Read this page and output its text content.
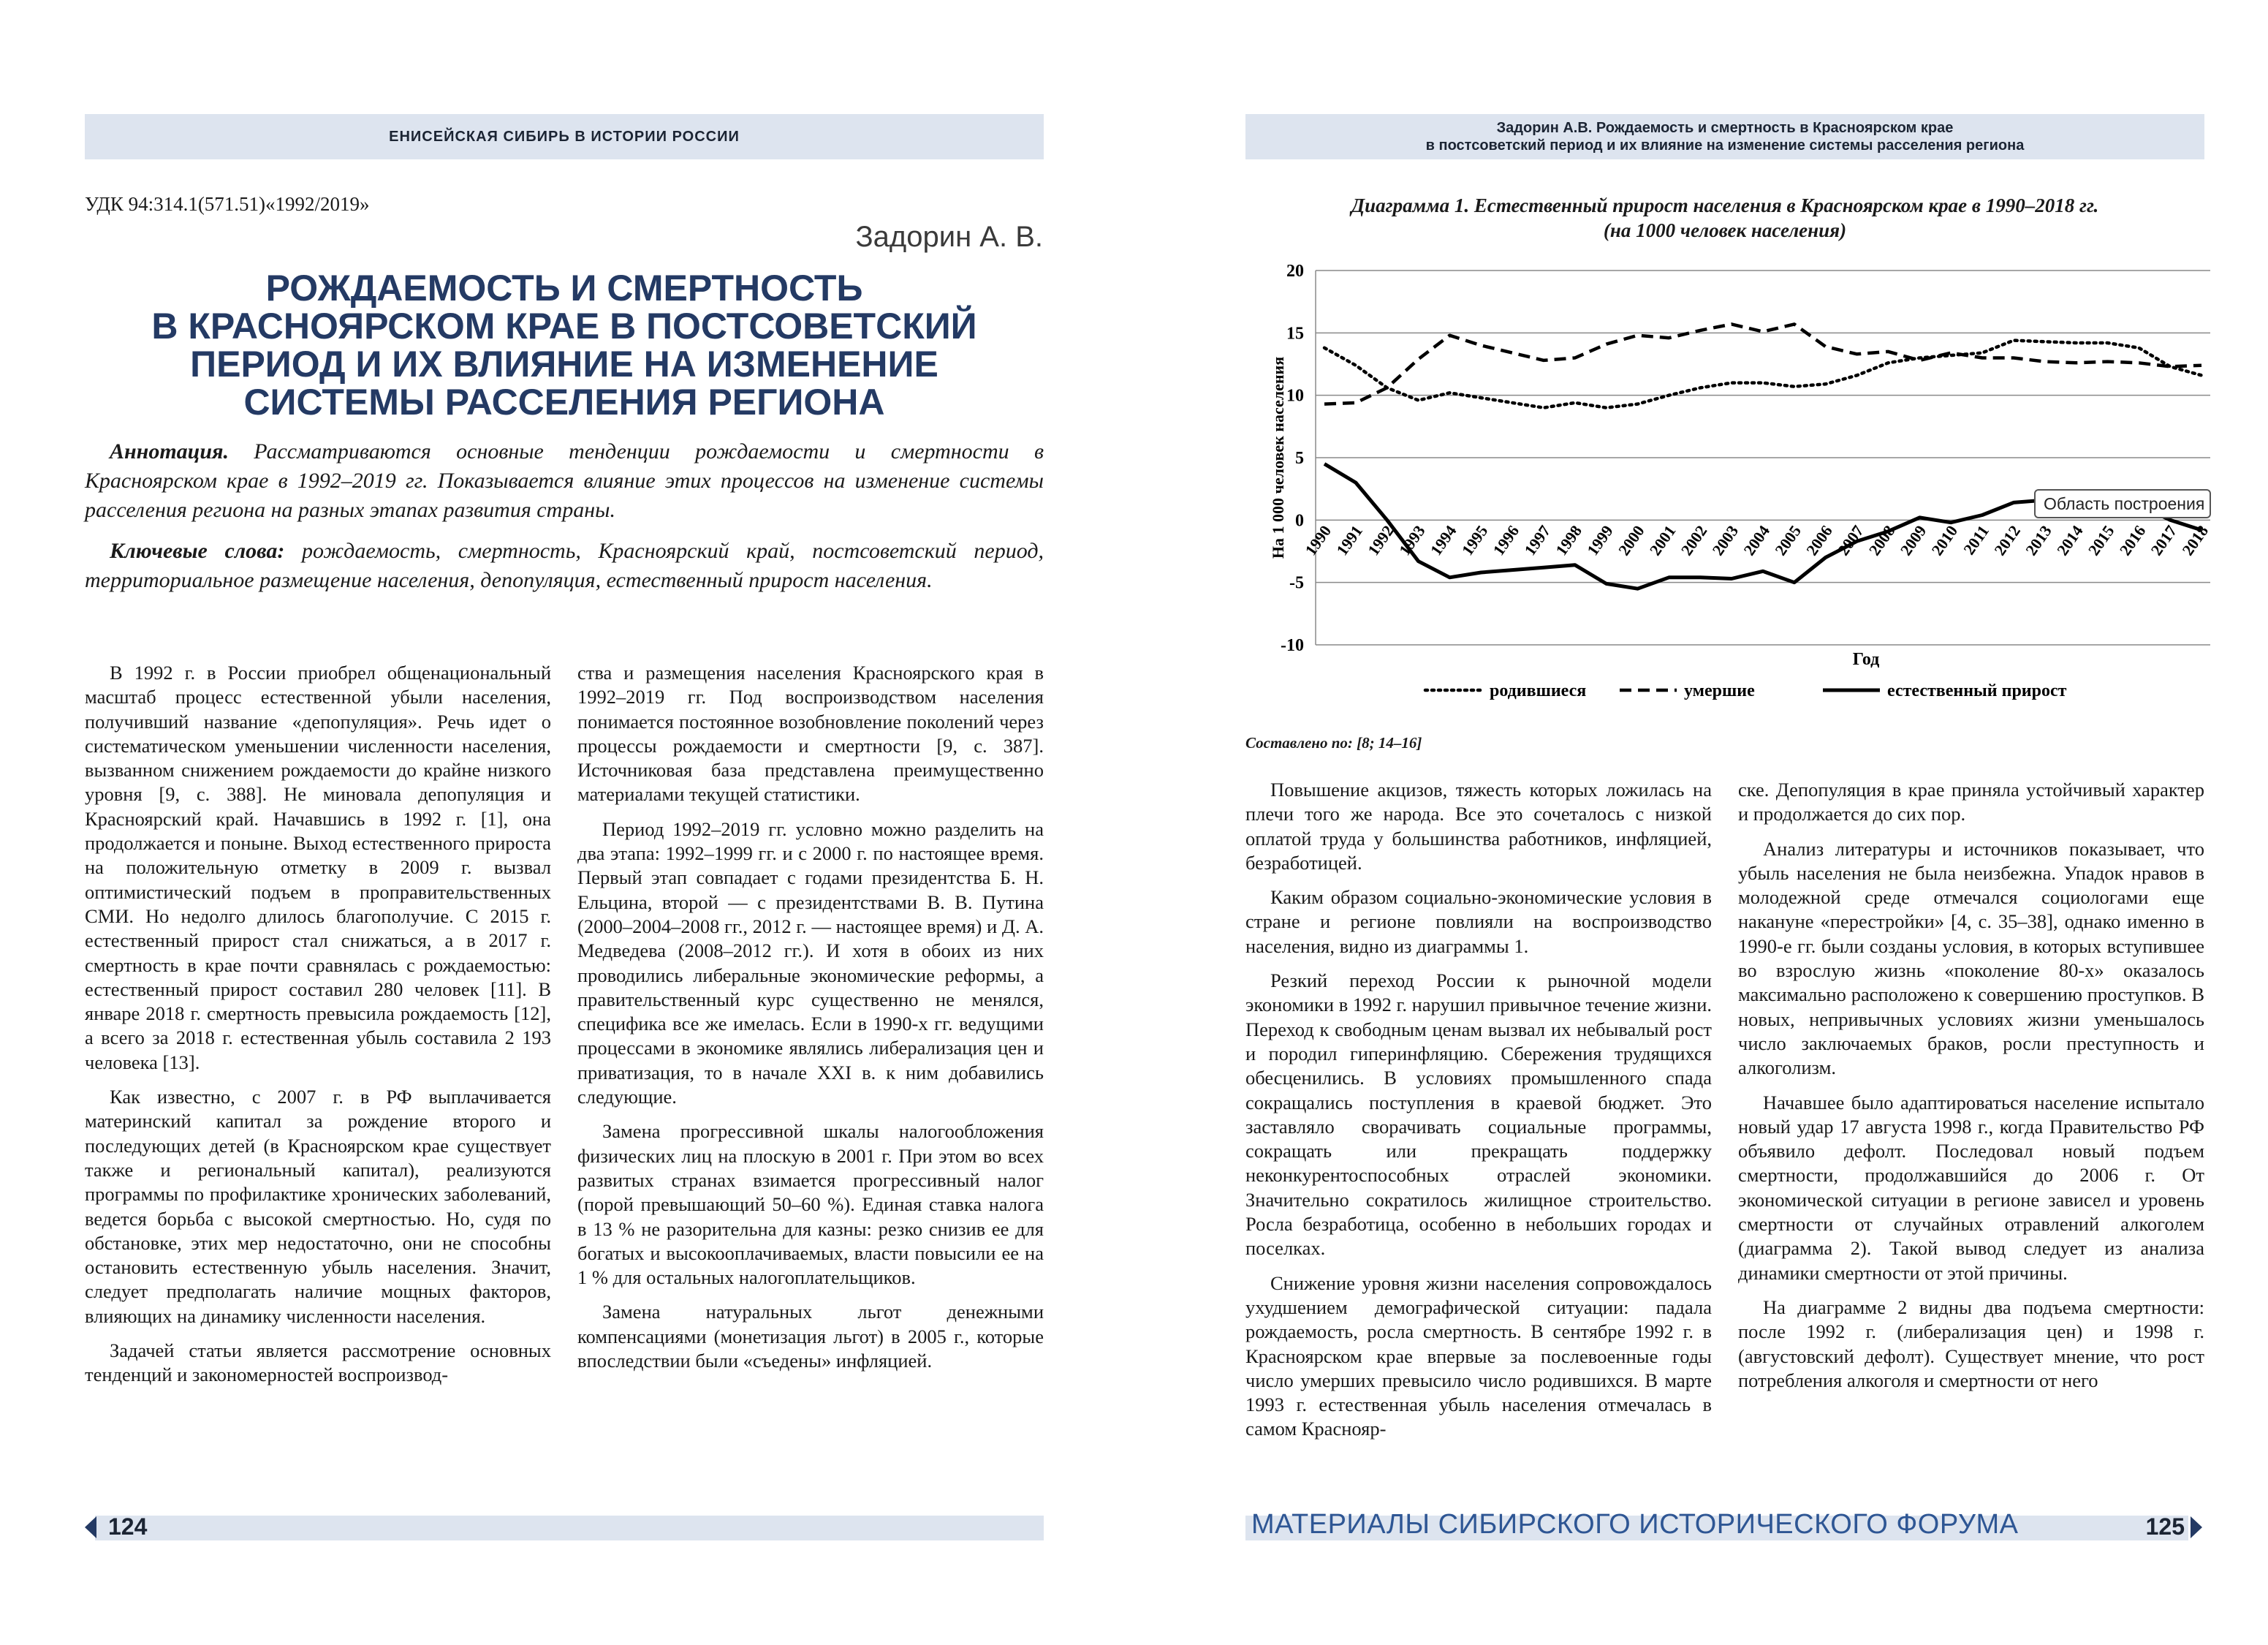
ЕНИСЕЙСКАЯ СИБИРЬ В ИСТОРИИ РОССИИ
УДК 94:314.1(571.51)«1992/2019»
Задорин А. В.
РОЖДАЕМОСТЬ И СМЕРТНОСТЬ
В КРАСНОЯРСКОМ КРАЕ В ПОСТСОВЕТСКИЙ
ПЕРИОД И ИХ ВЛИЯНИЕ НА ИЗМЕНЕНИЕ
СИСТЕМЫ РАССЕЛЕНИЯ РЕГИОНА

Аннотация. Рассматриваются основные тенденции рождаемости и смертности в Красноярском крае в 1992–2019 гг. Показывается влияние этих процессов на изменение системы расселения региона на разных этапах развития страны.

Ключевые слова: рождаемость, смертность, Красноярский край, постсоветский период, территориальное размещение населения, депопуляция, естественный прирост населения.

В 1992 г. в России приобрел общенациональный масштаб процесс естественной убыли населения, получивший название «депопуляция». Речь идет о систематическом уменьшении численности населения, вызванном снижением рождаемости до крайне низкого уровня [9, с. 388]. Не миновала депопуляция и Красноярский край. Начавшись в 1992 г. [1], она продолжается и поныне. Выход естественного прироста на положительную отметку в 2009 г. вызвал оптимистический подъем в проправительственных СМИ. Но недолго длилось благополучие. С 2015 г. естественный прирост стал снижаться, а в 2017 г. смертность в крае почти сравнялась с рождаемостью: естественный прирост составил 280 человек [11]. В январе 2018 г. смертность превысила рождаемость [12], а всего за 2018 г. естественная убыль составила 2 193 человека [13].

Как известно, с 2007 г. в РФ выплачивается материнский капитал за рождение второго и последующих детей (в Красноярском крае существует также и региональный капитал), реализуются программы по профилактике хронических заболеваний, ведется борьба с высокой смертностью. Но, судя по обстановке, этих мер недостаточно, они не способны остановить естественную убыль населения. Значит, следует предполагать наличие мощных факторов, влияющих на динамику численности населения.

Задачей статьи является рассмотрение основных тенденций и закономерностей воспроизвод-

ства и размещения населения Красноярского края в 1992–2019 гг. Под воспроизводством населения понимается постоянное возобновление поколений через процессы рождаемости и смертности [9, с. 387]. Источниковая база представлена преимущественно материалами текущей статистики.

Период 1992–2019 гг. условно можно разделить на два этапа: 1992–1999 гг. и с 2000 г. по настоящее время. Первый этап совпадает с годами президентства Б. Н. Ельцина, второй — с президентствами В. В. Путина (2000–2004–2008 гг., 2012 г. — настоящее время) и Д. А. Медведева (2008–2012 гг.). И хотя в обоих из них проводились либеральные экономические реформы, а правительственный курс существенно не менялся, специфика все же имелась. Если в 1990-х гг. ведущими процессами в экономике являлись либерализация цен и приватизация, то в начале XXI в. к ним добавились следующие.

Замена прогрессивной шкалы налогообложения физических лиц на плоскую в 2001 г. При этом во всех развитых странах взимается прогрессивный налог (порой превышающий 50–60 %). Единая ставка налога в 13 % не разорительна для казны: резко снизив ее для богатых и высокооплачиваемых, власти повысили ее на 1 % для остальных налогоплательщиков.

Замена натуральных льгот денежными компенсациями (монетизация льгот) в 2005 г., которые впоследствии были «съедены» инфляцией.

124
Задорин А.В. Рождаемость и смертность в Красноярском крае
в постсоветский период и их влияние на изменение системы расселения региона
Диаграмма 1. Естественный прирост населения в Красноярском крае в 1990–2018 гг.
(на 1000 человек населения)
-10
-5
0
5
10
15
20
1990
1991
1992
1993
1994
1995
1996
1997
1998
1999
2000
2001
2002
2003
2004
2005
2006
2007
2008
2009
2010
2011
2012
2013
2014
2015
2016
2017
2018
На 1 000 человек населения
Год
родившиеся	умершие	естественный прирост
Область построения
Составлено по: [8; 14–16]

Повышение акцизов, тяжесть которых ложилась на плечи того же народа. Все это сочеталось с низкой оплатой труда у большинства работников, инфляцией, безработицей.

Каким образом социально-экономические условия в стране и регионе повлияли на воспроизводство населения, видно из диаграммы 1.

Резкий переход России к рыночной модели экономики в 1992 г. нарушил привычное течение жизни. Переход к свободным ценам вызвал их небывалый рост и породил гиперинфляцию. Сбережения трудящихся обесценились. В условиях промышленного спада сокращались поступления в краевой бюджет. Это заставляло сворачивать социальные программы, сокращать или прекращать поддержку неконкурентоспособных отраслей экономики. Значительно сократилось жилищное строительство. Росла безработица, особенно в небольших городах и поселках.

Снижение уровня жизни населения сопровождалось ухудшением демографической ситуации: падала рождаемость, росла смертность. В сентябре 1992 г. в Красноярском крае впервые за послевоенные годы число умерших превысило число родившихся. В марте 1993 г. естественная убыль населения отмечалась в самом Краснояр-

ске. Депопуляция в крае приняла устойчивый характер и продолжается до сих пор.

Анализ литературы и источников показывает, что убыль населения не была неизбежна. Упадок нравов в молодежной среде отмечался социологами еще накануне «перестройки» [4, с. 35–38], однако именно в 1990-е гг. были созданы условия, в которых вступившее во взрослую жизнь «поколение 80-х» оказалось максимально расположено к совершению проступков. В новых, непривычных условиях жизни уменьшалось число заключаемых браков, росли преступность и алкоголизм.

Начавшее было адаптироваться население испытало новый удар 17 августа 1998 г., когда Правительство РФ объявило дефолт. Последовал новый подъем смертности, продолжавшийся до 2006 г. От экономической ситуации в регионе зависел и уровень смертности от случайных отравлений алкоголем (диаграмма 2). Такой вывод следует из анализа динамики смертности от этой причины.

На диаграмме 2 видны два подъема смертности: после 1992 г. (либерализация цен) и 1998 г. (августовский дефолт). Существует мнение, что рост потребления алкоголя и смертности от него

МАТЕРИАЛЫ СИБИРСКОГО ИСТОРИЧЕСКОГО ФОРУМА	125
